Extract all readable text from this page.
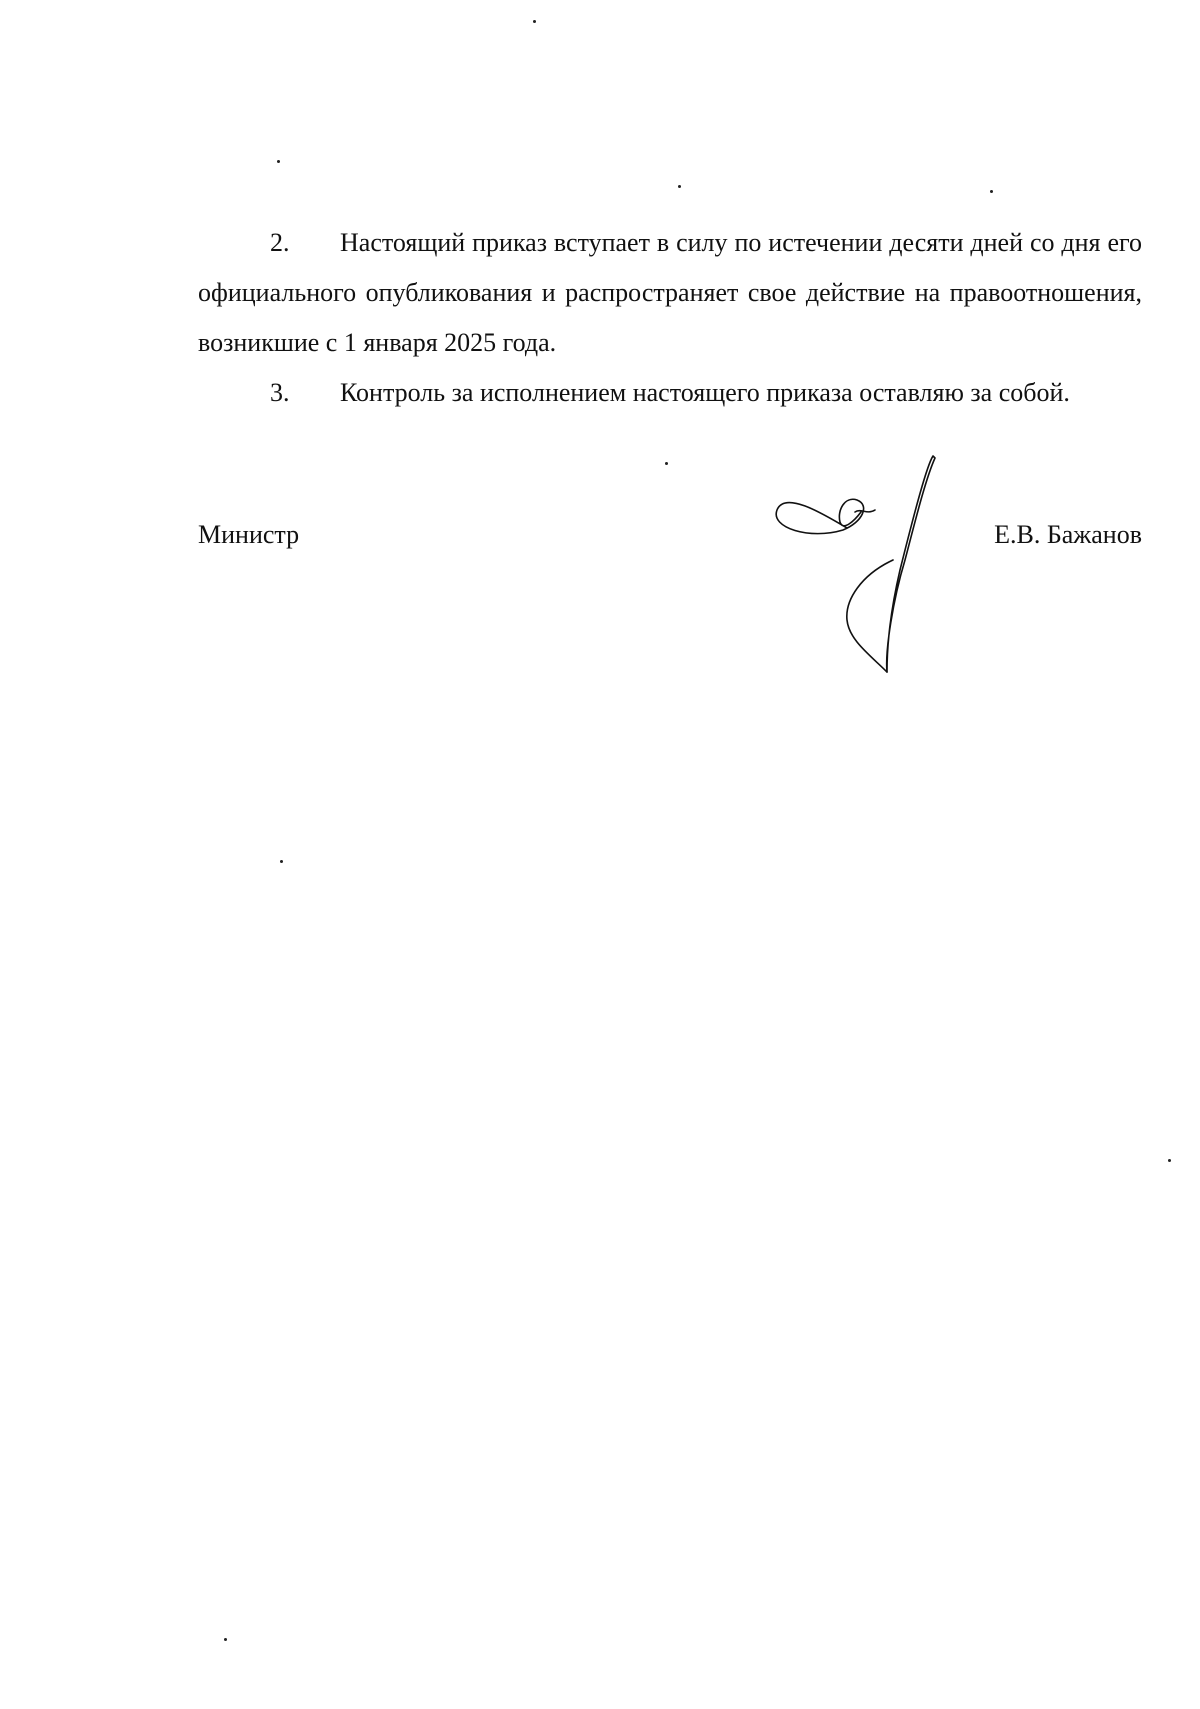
2. Настоящий приказ вступает в силу по истечении десяти дней со дня его официального опубликования и распространяет свое действие на правоотношения, возникшие с 1 января 2025 года.

3. Контроль за исполнением настоящего приказа оставляю за собой.

Министр	Е.В. Бажанов
